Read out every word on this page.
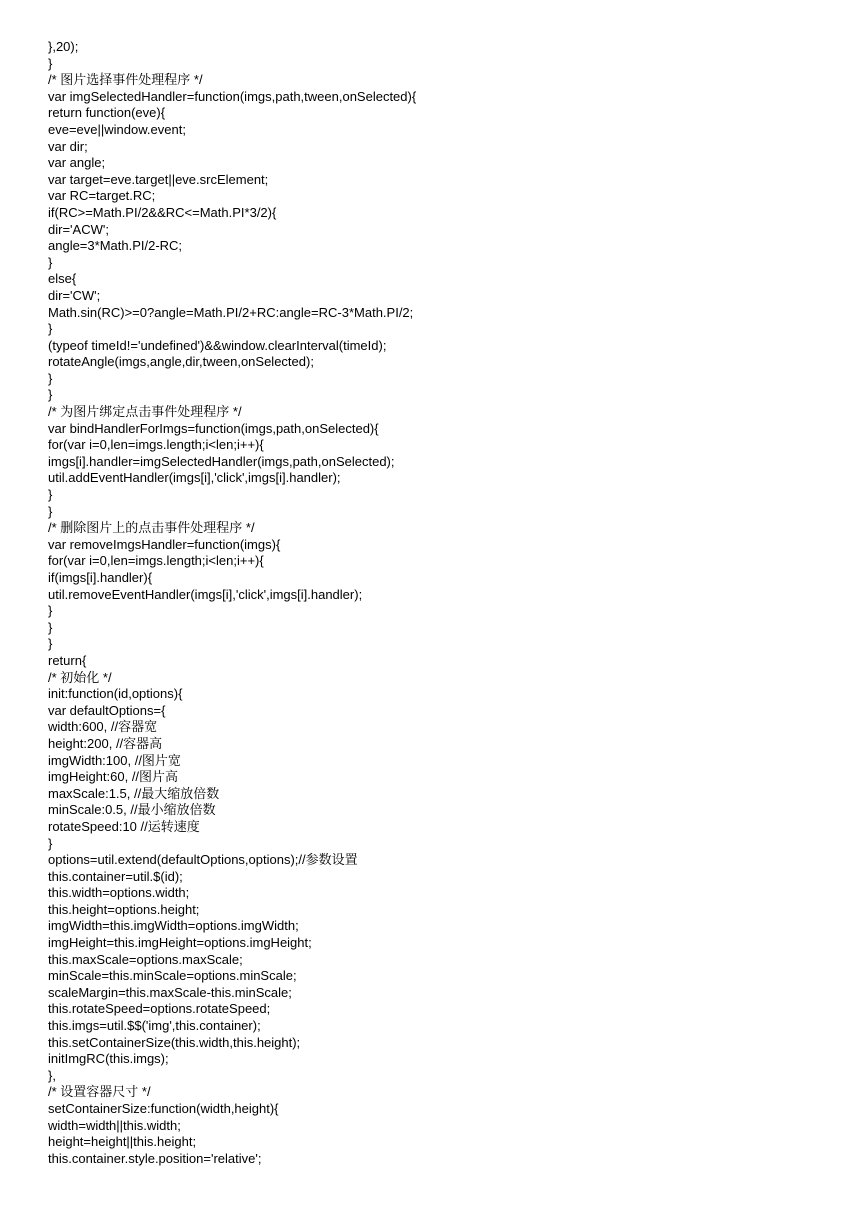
},20);
}
/* 图片选择事件处理程序 */
var imgSelectedHandler=function(imgs,path,tween,onSelected){
return function(eve){
eve=eve||window.event;
var dir;
var angle;
var target=eve.target||eve.srcElement;
var RC=target.RC;
if(RC>=Math.PI/2&&RC<=Math.PI*3/2){
dir='ACW';
angle=3*Math.PI/2-RC;
}
else{
dir='CW';
Math.sin(RC)>=0?angle=Math.PI/2+RC:angle=RC-3*Math.PI/2;
}
(typeof timeId!='undefined')&&window.clearInterval(timeId);
rotateAngle(imgs,angle,dir,tween,onSelected);
}
}
/* 为图片绑定点击事件处理程序 */
var bindHandlerForImgs=function(imgs,path,onSelected){
for(var i=0,len=imgs.length;i<len;i++){
imgs[i].handler=imgSelectedHandler(imgs,path,onSelected);
util.addEventHandler(imgs[i],'click',imgs[i].handler);
}
}
/* 删除图片上的点击事件处理程序 */
var removeImgsHandler=function(imgs){
for(var i=0,len=imgs.length;i<len;i++){
if(imgs[i].handler){
util.removeEventHandler(imgs[i],'click',imgs[i].handler);
}
}
}
return{
/* 初始化 */
init:function(id,options){
var defaultOptions={
width:600, //容器宽
height:200, //容器高
imgWidth:100, //图片宽
imgHeight:60, //图片高
maxScale:1.5, //最大缩放倍数
minScale:0.5, //最小缩放倍数
rotateSpeed:10 //运转速度
}
options=util.extend(defaultOptions,options);//参数设置
this.container=util.$(id);
this.width=options.width;
this.height=options.height;
imgWidth=this.imgWidth=options.imgWidth;
imgHeight=this.imgHeight=options.imgHeight;
this.maxScale=options.maxScale;
minScale=this.minScale=options.minScale;
scaleMargin=this.maxScale-this.minScale;
this.rotateSpeed=options.rotateSpeed;
this.imgs=util.$$('img',this.container);
this.setContainerSize(this.width,this.height);
initImgRC(this.imgs);
},
/* 设置容器尺寸 */
setContainerSize:function(width,height){
width=width||this.width;
height=height||this.height;
this.container.style.position='relative';
